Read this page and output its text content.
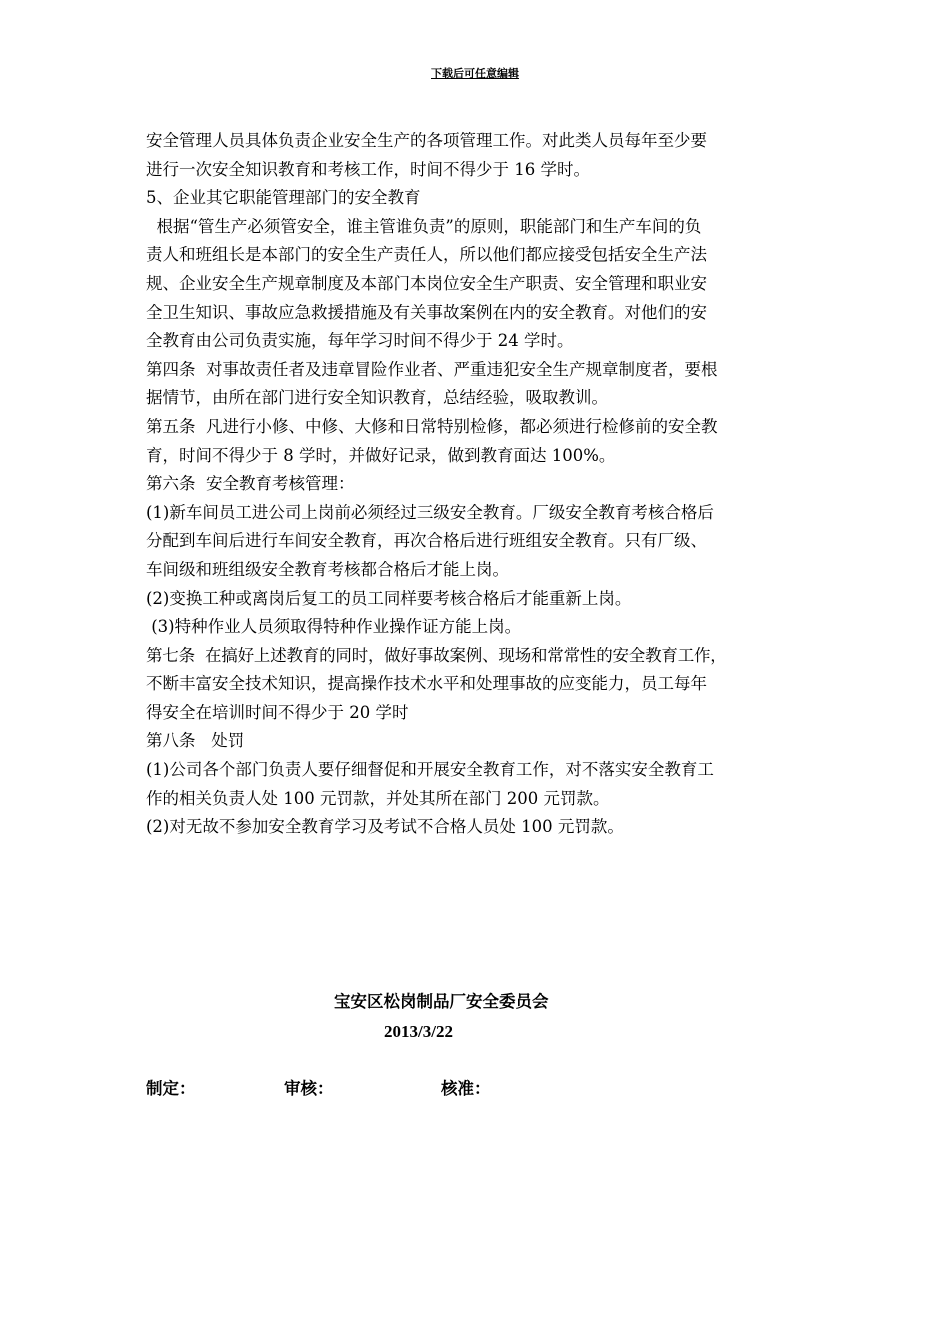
下载后可任意编辑
安全管理人员具体负责企业安全生产的各项管理工作。对此类人员每年至少要
进行一次安全知识教育和考核工作，时间不得少于 16 学时。
5、企业其它职能管理部门的安全教育
根据“管生产必须管安全，谁主管谁负责”的原则，职能部门和生产车间的负
责人和班组长是本部门的安全生产责任人，所以他们都应接受包括安全生产法
规、企业安全生产规章制度及本部门本岗位安全生产职责、安全管理和职业安
全卫生知识、事故应急救援措施及有关事故案例在内的安全教育。对他们的安
全教育由公司负责实施，每年学习时间不得少于 24 学时。
第四条  对事故责任者及违章冒险作业者、严重违犯安全生产规章制度者，要根
据情节，由所在部门进行安全知识教育，总结经验，吸取教训。
第五条  凡进行小修、中修、大修和日常特别检修，都必须进行检修前的安全教
育，时间不得少于 8 学时，并做好记录，做到教育面达 100%。
第六条  安全教育考核管理：
(1)新车间员工进公司上岗前必须经过三级安全教育。厂级安全教育考核合格后
分配到车间后进行车间安全教育，再次合格后进行班组安全教育。只有厂级、
车间级和班组级安全教育考核都合格后才能上岗。
(2)变换工种或离岗后复工的员工同样要考核合格后才能重新上岗。
(3)特种作业人员须取得特种作业操作证方能上岗。
第七条  在搞好上述教育的同时，做好事故案例、现场和常常性的安全教育工作，
不断丰富安全技术知识，提高操作技术水平和处理事故的应变能力，员工每年
得安全在培训时间不得少于 20 学时
第八条   处罚
(1)公司各个部门负责人要仔细督促和开展安全教育工作，对不落实安全教育工
作的相关负责人处 100 元罚款，并处其所在部门 200 元罚款。
(2)对无故不参加安全教育学习及考试不合格人员处 100 元罚款。
宝安区松岗制品厂安全委员会
2013/3/22
制定：	审核：	核准：
